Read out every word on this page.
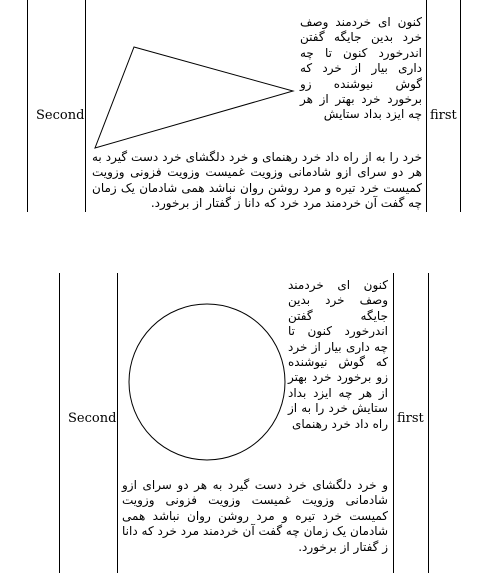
Second	first
كنون ای خردمند وصف خرد بدین جایگه گفتن اندرخورد كنون تا چه داری بیار از خرد كه گوش نیوشنده زو برخورد خرد بهتر از هر چه ایزد بداد ستایش
خرد را به از راه داد خرد رهنمای و خرد دلگشای خرد دست گیرد به هر دو سرای ازو شادمانی وزویت غمیست وزویت فزونی وزویت كمیست خرد تیره و مرد روشن روان نباشد همی شادمان یک زمان چه گفت آن خردمند مرد خرد كه دانا ز گفتار از برخورد.
Second	first
كنون ای خردمند وصف خرد بدین جایگه گفتن اندرخورد كنون تا چه داری بیار از خرد كه گوش نیوشنده زو برخورد خرد بهتر از هر چه ایزد بداد ستایش خرد را به از راه داد خرد رهنمای
و خرد دلگشای خرد دست گیرد به هر دو سرای ازو شادمانی وزویت غمیست وزویت فزونی وزویت كمیست خرد تیره و مرد روشن روان نباشد همی شادمان یک زمان چه گفت آن خردمند مرد خرد كه دانا ز گفتار از برخورد.
